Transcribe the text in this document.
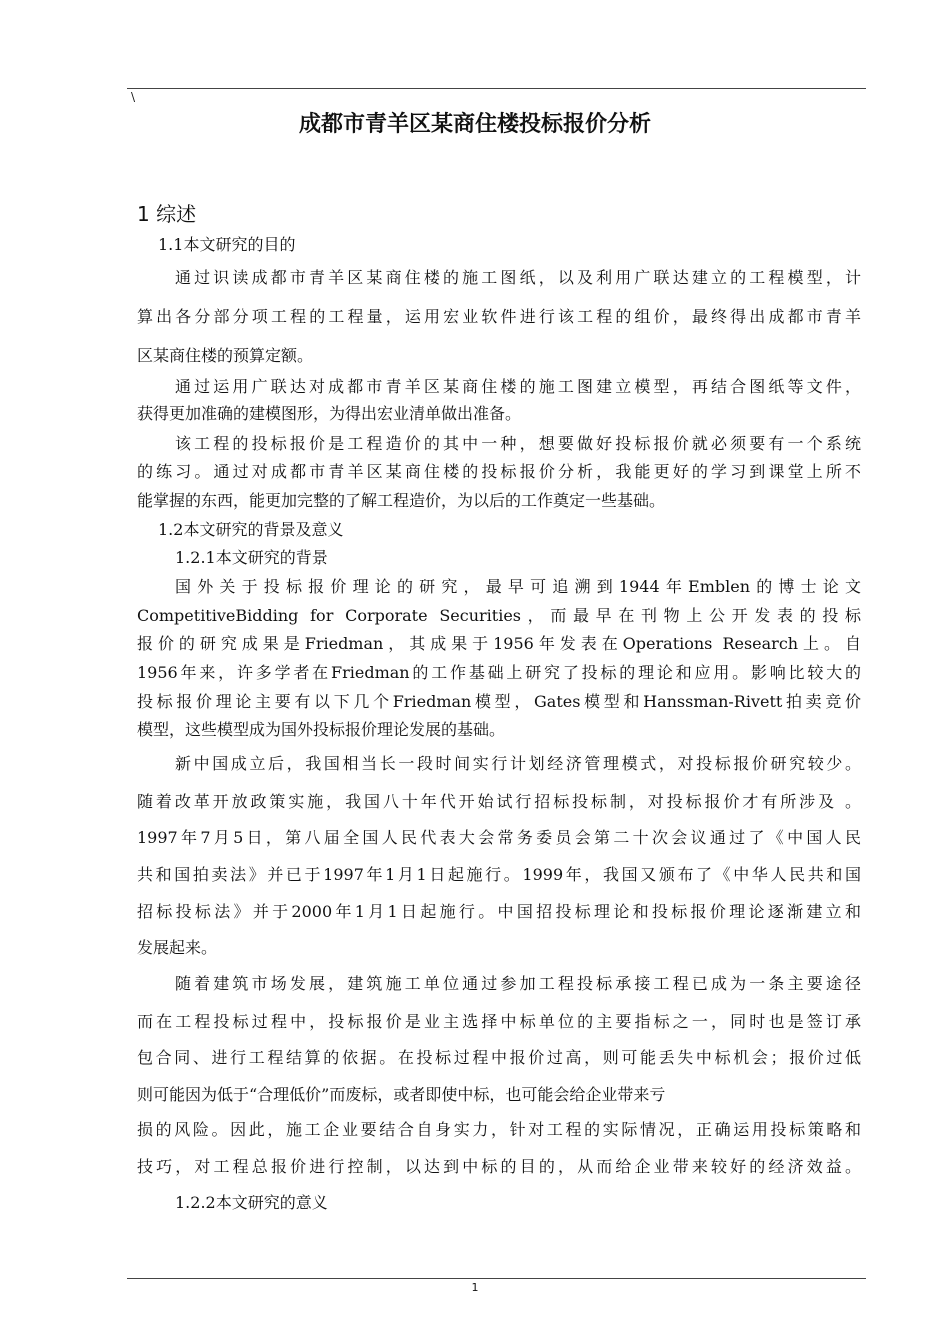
\
成都市青羊区某商住楼投标报价分析
1 综述
1.1本文研究的目的
通过识读成都市青羊区某商住楼的施工图纸，以及利用广联达建立的工程模型，计
算出各分部分项工程的工程量，运用宏业软件进行该工程的组价，最终得出成都市青羊
区某商住楼的预算定额。
通过运用广联达对成都市青羊区某商住楼的施工图建立模型，再结合图纸等文件，
获得更加准确的建模图形，为得出宏业清单做出准备。
该工程的投标报价是工程造价的其中一种，想要做好投标报价就必须要有一个系统
的练习。通过对成都市青羊区某商住楼的投标报价分析，我能更好的学习到课堂上所不
能掌握的东西，能更加完整的了解工程造价，为以后的工作奠定一些基础。
1.2本文研究的背景及意义
1.2.1本文研究的背景
国外关于投标报价理论的研究，最早可追溯到1944年Emblen的博士论文
CompetitiveBidding for Corporate Securities，而最早在刊物上公开发表的投标
报价的研究成果是Friedman，其成果于1956年发表在Operations Research上。自
1956年来，许多学者在Friedman的工作基础上研究了投标的理论和应用。影响比较大的
投标报价理论主要有以下几个Friedman模型，Gates模型和Hanssman-Rivett拍卖竞价
模型，这些模型成为国外投标报价理论发展的基础。
新中国成立后，我国相当长一段时间实行计划经济管理模式，对投标报价研究较少。
随着改革开放政策实施，我国八十年代开始试行招标投标制，对投标报价才有所涉及 。
1997年7月5日，第八届全国人民代表大会常务委员会第二十次会议通过了《中国人民
共和国拍卖法》并已于1997年1月1日起施行。1999年，我国又颁布了《中华人民共和国
招标投标法》并于2000年1月1日起施行。中国招投标理论和投标报价理论逐渐建立和
发展起来。
随着建筑市场发展，建筑施工单位通过参加工程投标承接工程已成为一条主要途径
而在工程投标过程中，投标报价是业主选择中标单位的主要指标之一，同时也是签订承
包合同、进行工程结算的依据。在投标过程中报价过高，则可能丢失中标机会；报价过低
则可能因为低于“合理低价”而废标，或者即使中标，也可能会给企业带来亏
损的风险。因此，施工企业要结合自身实力，针对工程的实际情况，正确运用投标策略和
技巧，对工程总报价进行控制，以达到中标的目的，从而给企业带来较好的经济效益。
1.2.2本文研究的意义
1
